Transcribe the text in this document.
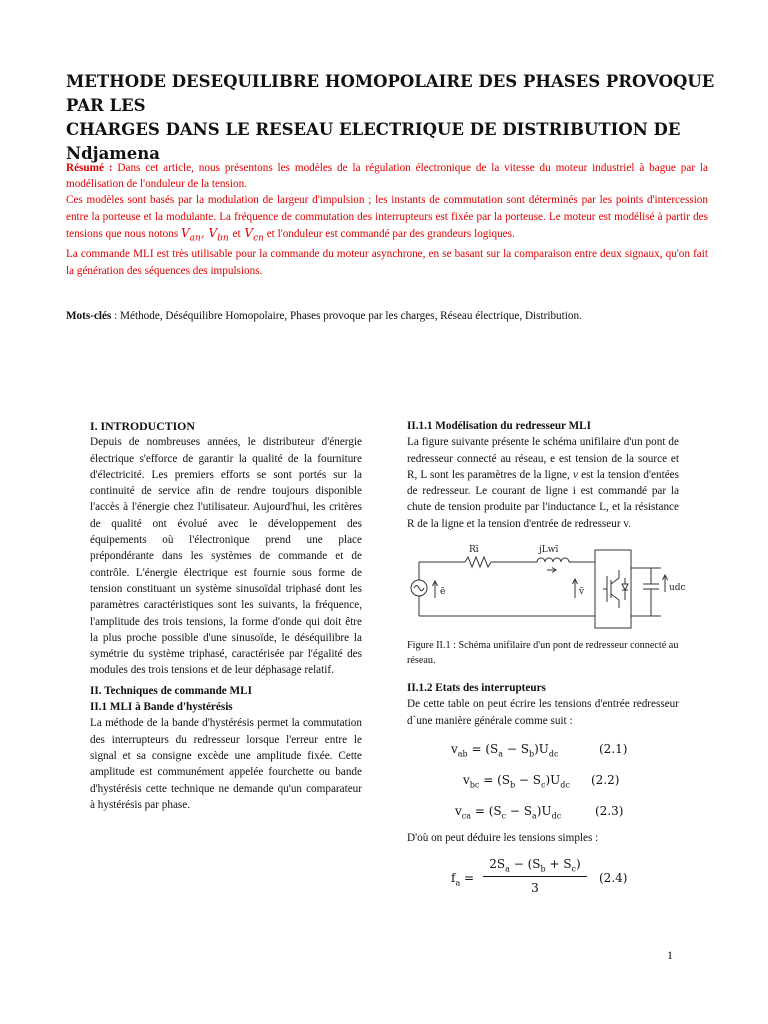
METHODE DESEQUILIBRE HOMOPOLAIRE DES PHASES PROVOQUE PAR LES
CHARGES DANS LE RESEAU ELECTRIQUE DE DISTRIBUTION DE Ndjamena

Résumé : Dans cet article, nous présentons les modèles de la régulation électronique de la vitesse du moteur industriel à bague par la modélisation de l'onduleur de la tension.

Ces modèles sont basés par la modulation de largeur d'impulsion ; les instants de commutation sont déterminés par les points d'intercession entre la porteuse et la modulante. La fréquence de commutation des interrupteurs est fixée par la porteuse. Le moteur est modélisé à partir des tensions que nous notons $V_{an}$, $V_{bn}$ et $V_{cn}$ et l'onduleur est commandé par des grandeurs logiques.

La commande MLI est très utilisable pour la commande du moteur asynchrone, en se basant sur la comparaison entre deux signaux, qu'on fait la génération des séquences des impulsions.

Mots-clés : Méthode, Déséquilibre Homopolaire, Phases provoque par les charges, Réseau électrique, Distribution.

I. INTRODUCTION

Depuis de nombreuses années, le distributeur d'énergie électrique s'efforce de garantir la qualité de la fourniture d'électricité. Les premiers efforts se sont portés sur la continuité de service afin de rendre toujours disponible l'accès à l'énergie chez l'utilisateur. Aujourd'hui, les critères de qualité ont évolué avec le développement des équipements où l'électronique prend une place prépondérante dans les systèmes de commande et de contrôle. L'énergie électrique est fournie sous forme de tension constituant un système sinusoïdal triphasé dont les paramètres caractéristiques sont les suivants, la fréquence, l'amplitude des trois tensions, la forme d'onde qui doit être la plus proche possible d'une sinusoïde, le déséquilibre la symétrie du système triphasé, caractérisée par l'égalité des modules des trois tensions et de leur déphasage relatif.

II. Techniques de commande MLI

II.1 MLI à Bande d'hystérésis

La méthode de la bande d'hystérésis permet la commutation des interrupteurs du redresseur lorsque l'erreur entre le signal et sa consigne excède une amplitude fixée. Cette amplitude est communément appelée fourchette ou bande d'hystérésis cette technique ne demande qu'un comparateur à hystérésis par phase.

II.1.1 Modélisation du redresseur MLI

La figure suivante présente le schéma unifilaire d'un pont de redresseur connecté au réseau, e est tension de la source et R, L sont les paramètres de la ligne, v est la tension d'entées de redresseur. Le courant de ligne i est commandé par la chute de tension produite par l'inductance L, et la résistance R de la ligne et la tension d'entrée de redresseur v.

Rī	jLwī
ē	v̄	udc

Figure II.1 : Schéma unifilaire d'un pont de redresseur connecté au réseau.

II.1.2 Etats des interrupteurs

De cette table on peut écrire les tensions d'entrée redresseur d`une manière générale comme suit :

$v_{ab} = (S_a - S_b)U_{dc}$	(2.1)
$v_{bc} = (S_b - S_c)U_{dc}$ (2.2)
$v_{ca} = (S_c - S_a)U_{dc}$	(2.3)

D'où on peut déduire les tensions simples :

$f_a$ =
$2S_a - (S_b + S_c)$
3
(2.4)
1
